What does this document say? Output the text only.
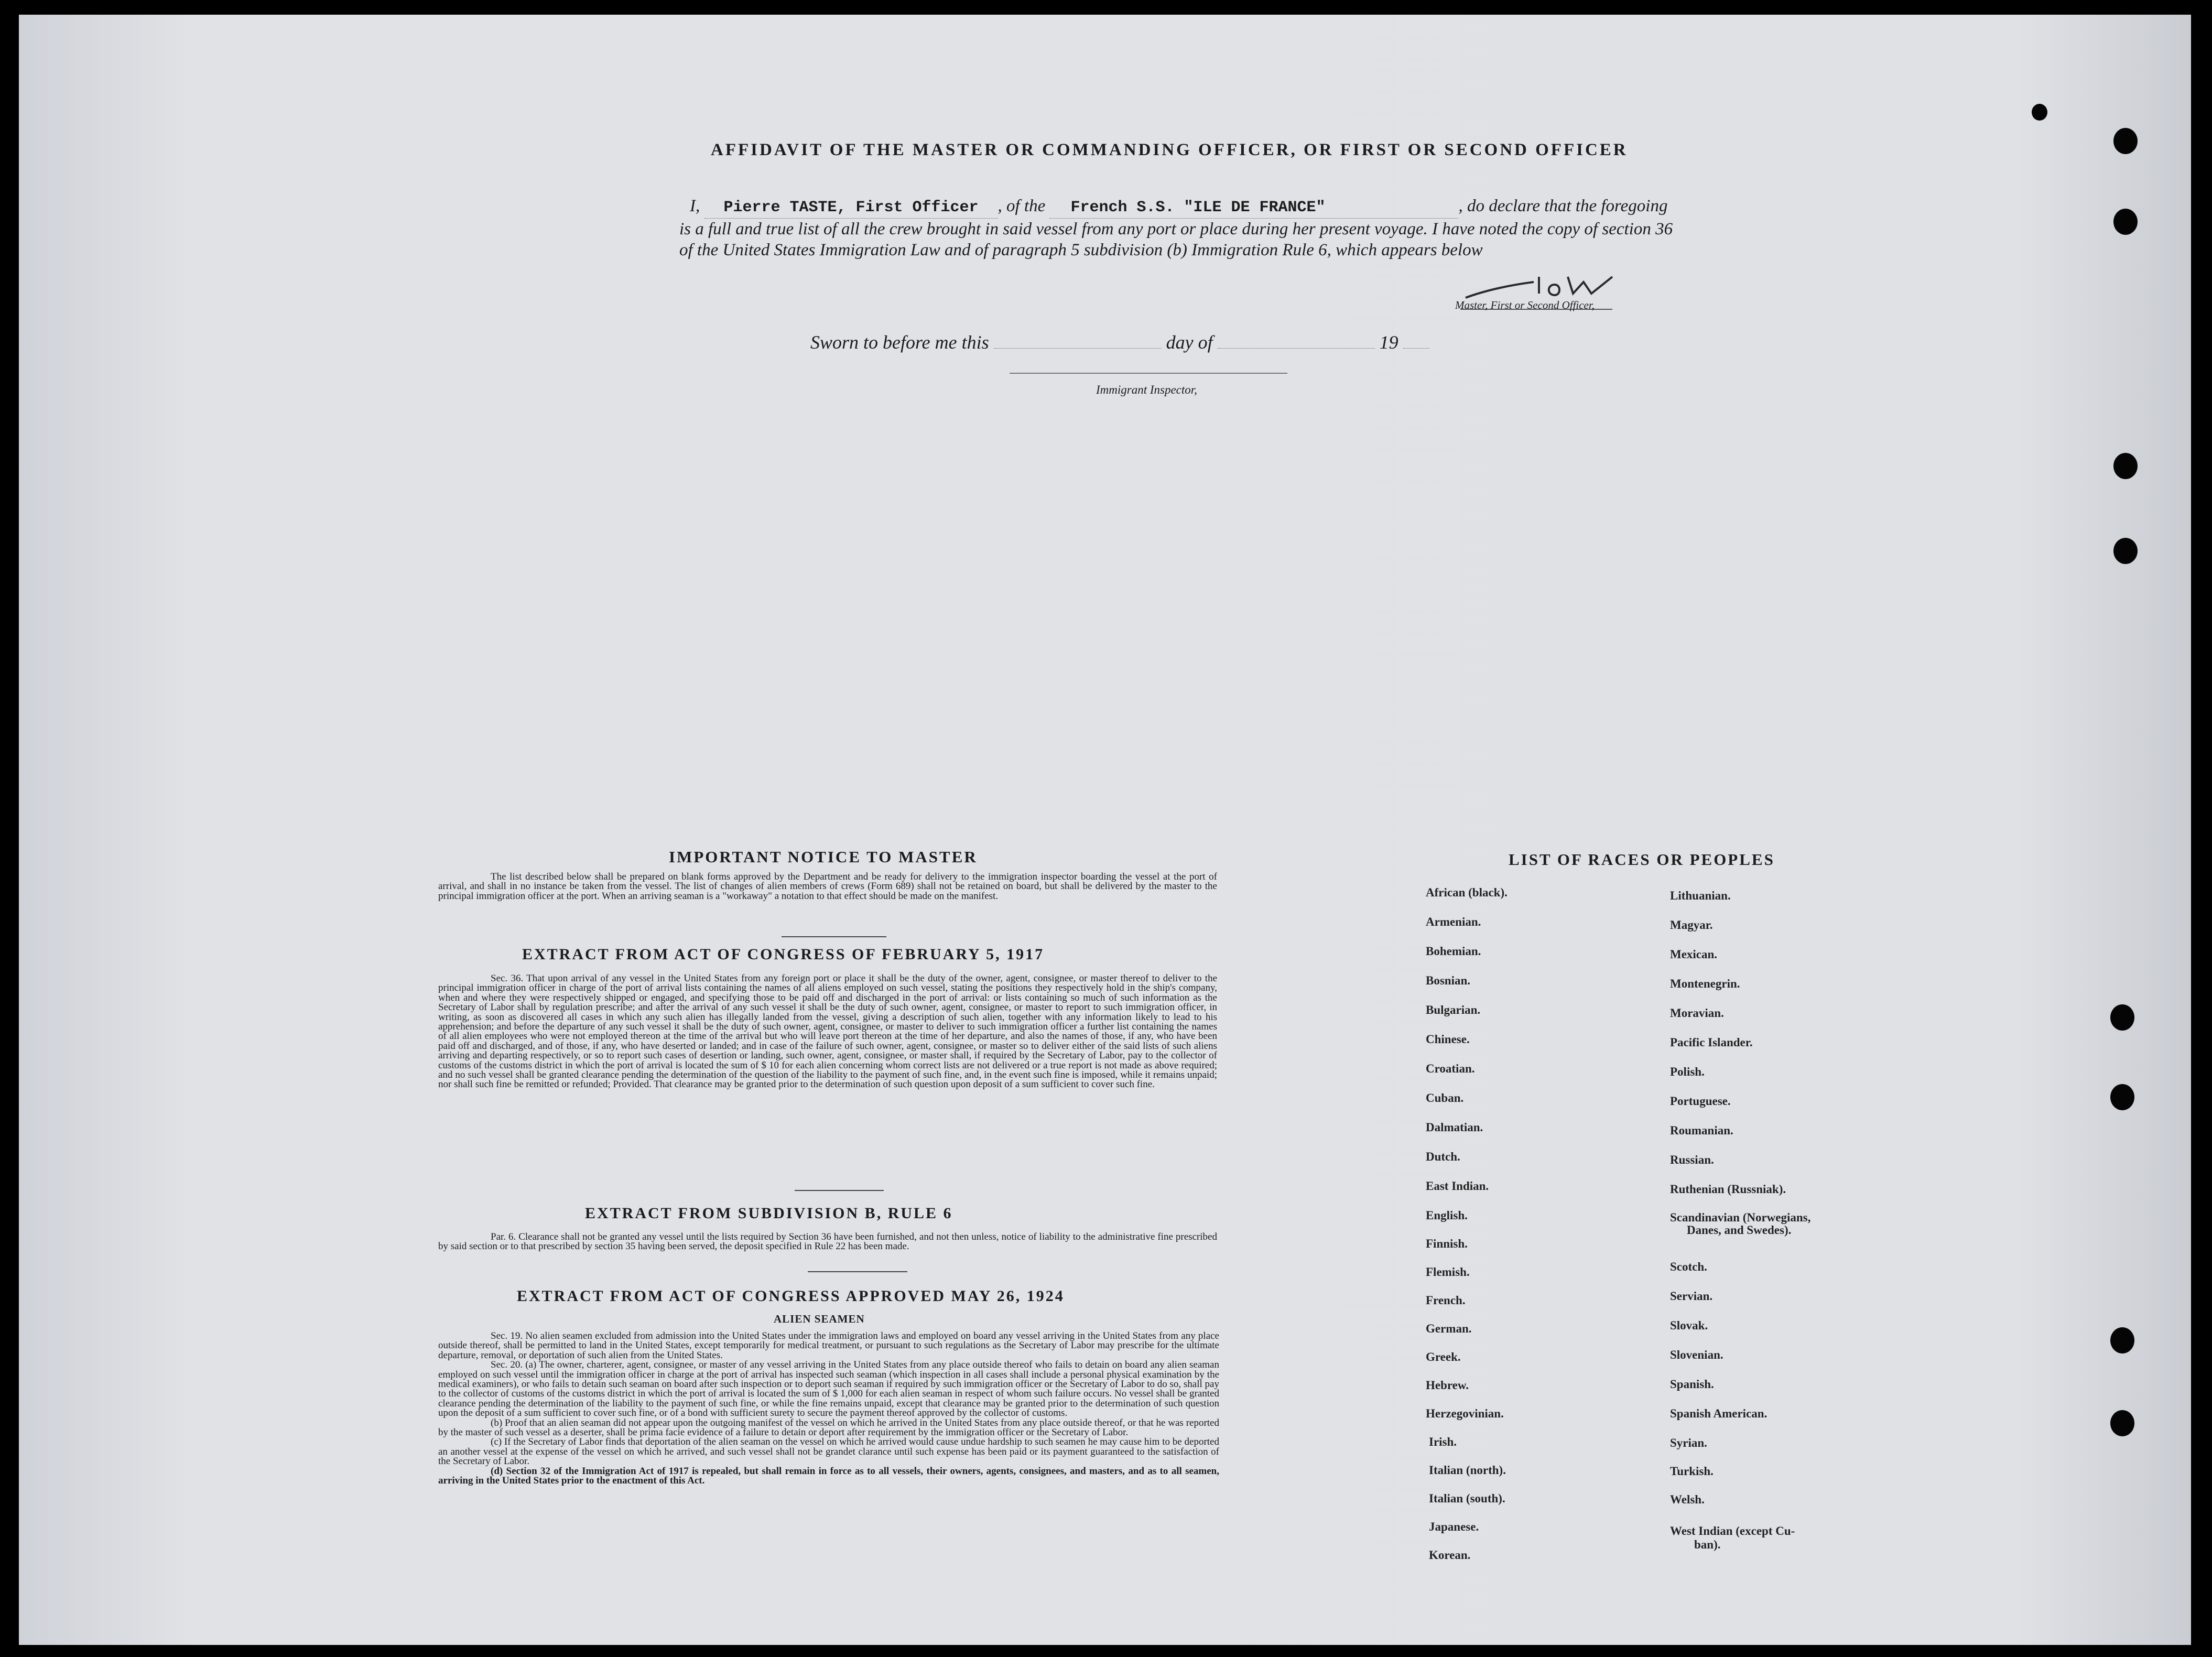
AFFIDAVIT OF THE MASTER OR COMMANDING OFFICER, OR FIRST OR SECOND OFFICER
I, Pierre TASTE, First Officer , of the French S.S. "ILE DE FRANCE"	, do declare that the foregoing is a full and true list of all the crew brought in said vessel from any port or place during her present voyage. I have noted the copy of section 36 of the United States Immigration Law and of paragraph 5 subdivision (b) Immigration Rule 6, which appears below
Master, First or Second Officer,
Sworn to before me this	day of	19
Immigrant Inspector,
IMPORTANT NOTICE TO MASTER
The list described below shall be prepared on blank forms approved by the Department and be ready for delivery to the immigration inspector boarding the vessel at the port of arrival, and shall in no instance be taken from the vessel. The list of changes of alien members of crews (Form 689) shall not be retained on board, but shall be delivered by the master to the principal immigration officer at the port. When an arriving seaman is a "workaway" a notation to that effect should be made on the manifest.
EXTRACT FROM ACT OF CONGRESS OF FEBRUARY 5, 1917
Sec. 36. That upon arrival of any vessel in the United States from any foreign port or place it shall be the duty of the owner, agent, consignee, or master thereof to deliver to the principal immigration officer in charge of the port of arrival lists containing the names of all aliens employed on such vessel, stating the positions they respectively hold in the ship's company, when and where they were respectively shipped or engaged, and specifying those to be paid off and discharged in the port of arrival: or lists containing so much of such information as the Secretary of Labor shall by regulation prescribe; and after the arrival of any such vessel it shall be the duty of such owner, agent, consignee, or master to report to such immigration officer, in writing, as soon as discovered all cases in which any such alien has illegally landed from the vessel, giving a description of such alien, together with any information likely to lead to his apprehension; and before the departure of any such vessel it shall be the duty of such owner, agent, consignee, or master to deliver to such immigration officer a further list containing the names of all alien employees who were not employed thereon at the time of the arrival but who will leave port thereon at the time of her departure, and also the names of those, if any, who have been paid off and discharged, and of those, if any, who have deserted or landed; and in case of the failure of such owner, agent, consignee, or master so to deliver either of the said lists of such aliens arriving and departing respectively, or so to report such cases of desertion or landing, such owner, agent, consignee, or master shall, if required by the Secretary of Labor, pay to the collector of customs of the customs district in which the port of arrival is located the sum of $ 10 for each alien concerning whom correct lists are not delivered or a true report is not made as above required; and no such vessel shall be granted clearance pending the determination of the question of the liability to the payment of such fine, and, in the event such fine is imposed, while it remains unpaid; nor shall such fine be remitted or refunded; Provided. That clearance may be granted prior to the determination of such question upon deposit of a sum sufficient to cover such fine.
EXTRACT FROM SUBDIVISION B, RULE 6
Par. 6. Clearance shall not be granted any vessel until the lists required by Section 36 have been furnished, and not then unless, notice of liability to the administrative fine prescribed by said section or to that prescribed by section 35 having been served, the deposit specified in Rule 22 has been made.
EXTRACT FROM ACT OF CONGRESS APPROVED MAY 26, 1924
ALIEN SEAMEN
Sec. 19. No alien seamen excluded from admission into the United States under the immigration laws and employed on board any vessel arriving in the United States from any place outside thereof, shall be permitted to land in the United States, except temporarily for medical treatment, or pursuant to such regulations as the Secretary of Labor may prescribe for the ultimate departure, removal, or deportation of such alien from the United States.
Sec. 20. (a) The owner, charterer, agent, consignee, or master of any vessel arriving in the United States from any place outside thereof who fails to detain on board any alien seaman employed on such vessel until the immigration officer in charge at the port of arrival has inspected such seaman (which inspection in all cases shall include a personal physical examination by the medical examiners), or who fails to detain such seaman on board after such inspection or to deport such seaman if required by such immigration officer or the Secretary of Labor to do so, shall pay to the collector of customs of the customs district in which the port of arrival is located the sum of $ 1,000 for each alien seaman in respect of whom such failure occurs. No vessel shall be granted clearance pending the determination of the liability to the payment of such fine, or while the fine remains unpaid, except that clearance may be granted prior to the determination of such question upon the deposit of a sum sufficient to cover such fine, or of a bond with sufficient surety to secure the payment thereof approved by the collector of customs.
(b) Proof that an alien seaman did not appear upon the outgoing manifest of the vessel on which he arrived in the United States from any place outside thereof, or that he was reported by the master of such vessel as a deserter, shall be prima facie evidence of a failure to detain or deport after requirement by the immigration officer or the Secretary of Labor.
(c) If the Secretary of Labor finds that deportation of the alien seaman on the vessel on which he arrived would cause undue hardship to such seamen he may cause him to be deported an another vessel at the expense of the vessel on which he arrived, and such vessel shall not be grandet clarance until such expense has been paid or its payment guaranteed to the satisfaction of the Secretary of Labor.
(d) Section 32 of the Immigration Act of 1917 is repealed, but shall remain in force as to all vessels, their owners, agents, consignees, and masters, and as to all seamen, arriving in the United States prior to the enactment of this Act.
LIST OF RACES OR PEOPLES
African (black).
Armenian.
Bohemian.
Bosnian.
Bulgarian.
Chinese.
Croatian.
Cuban.
Dalmatian.
Dutch.
East Indian.
English.
Finnish.
Flemish.
French.
German.
Greek.
Hebrew.
Herzegovinian.
Irish.
Italian (north).
Italian (south).
Japanese.
Korean.
Lithuanian.
Magyar.
Mexican.
Montenegrin.
Moravian.
Pacific Islander.
Polish.
Portuguese.
Roumanian.
Russian.
Ruthenian (Russniak).
Scandinavian (Norwegians,
Danes, and Swedes).
Scotch.
Servian.
Slovak.
Slovenian.
Spanish.
Spanish American.
Syrian.
Turkish.
Welsh.
West Indian (except Cu-
ban).
